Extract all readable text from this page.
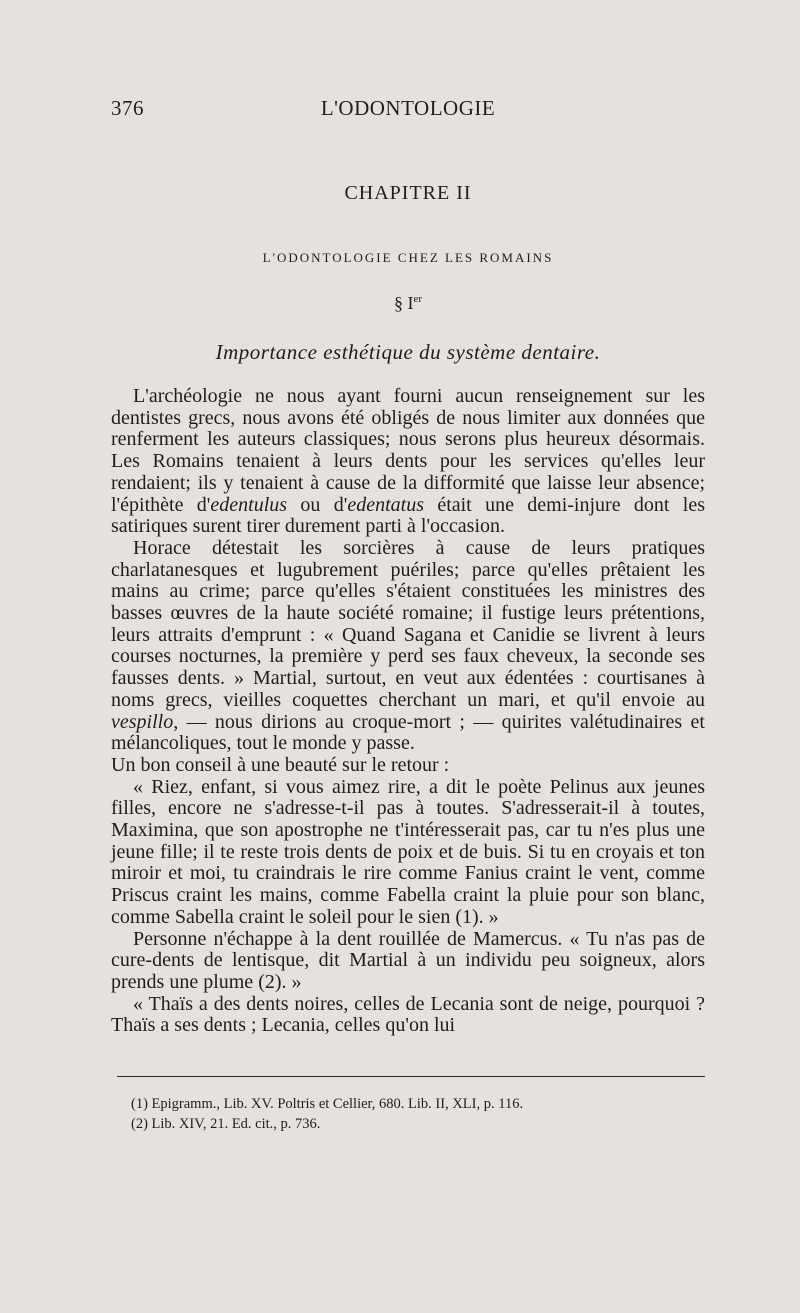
376	L'ODONTOLOGIE
CHAPITRE II
L'ODONTOLOGIE CHEZ LES ROMAINS
§ Ier
Importance esthétique du système dentaire.

L'archéologie ne nous ayant fourni aucun renseignement sur les dentistes grecs, nous avons été obligés de nous limiter aux données que renferment les auteurs classiques; nous serons plus heureux désormais. Les Romains tenaient à leurs dents pour les services qu'elles leur rendaient; ils y tenaient à cause de la difformité que laisse leur absence; l'épithète d'edentulus ou d'edentatus était une demi-injure dont les satiriques surent tirer durement parti à l'occasion.

Horace détestait les sorcières à cause de leurs pratiques charlatanesques et lugubrement puériles; parce qu'elles prêtaient les mains au crime; parce qu'elles s'étaient constituées les ministres des basses œuvres de la haute société romaine; il fustige leurs prétentions, leurs attraits d'emprunt : « Quand Sagana et Canidie se livrent à leurs courses nocturnes, la première y perd ses faux cheveux, la seconde ses fausses dents. » Martial, surtout, en veut aux édentées : courtisanes à noms grecs, vieilles coquettes cherchant un mari, et qu'il envoie au vespillo, — nous dirions au croque-mort ; — quirites valétudinaires et mélancoliques, tout le monde y passe.

Un bon conseil à une beauté sur le retour :

« Riez, enfant, si vous aimez rire, a dit le poète Pelinus aux jeunes filles, encore ne s'adresse-t-il pas à toutes. S'adresserait-il à toutes, Maximina, que son apostrophe ne t'intéresserait pas, car tu n'es plus une jeune fille; il te reste trois dents de poix et de buis. Si tu en croyais et ton miroir et moi, tu craindrais le rire comme Fanius craint le vent, comme Priscus craint les mains, comme Fabella craint la pluie pour son blanc, comme Sabella craint le soleil pour le sien (1). »

Personne n'échappe à la dent rouillée de Mamercus. « Tu n'as pas de cure-dents de lentisque, dit Martial à un individu peu soigneux, alors prends une plume (2). »

« Thaïs a des dents noires, celles de Lecania sont de neige, pourquoi ? Thaïs a ses dents ; Lecania, celles qu'on lui

(1) Epigramm., Lib. XV. Poltris et Cellier, 680. Lib. II, XLI, p. 116.
(2) Lib. XIV, 21. Ed. cit., p. 736.
